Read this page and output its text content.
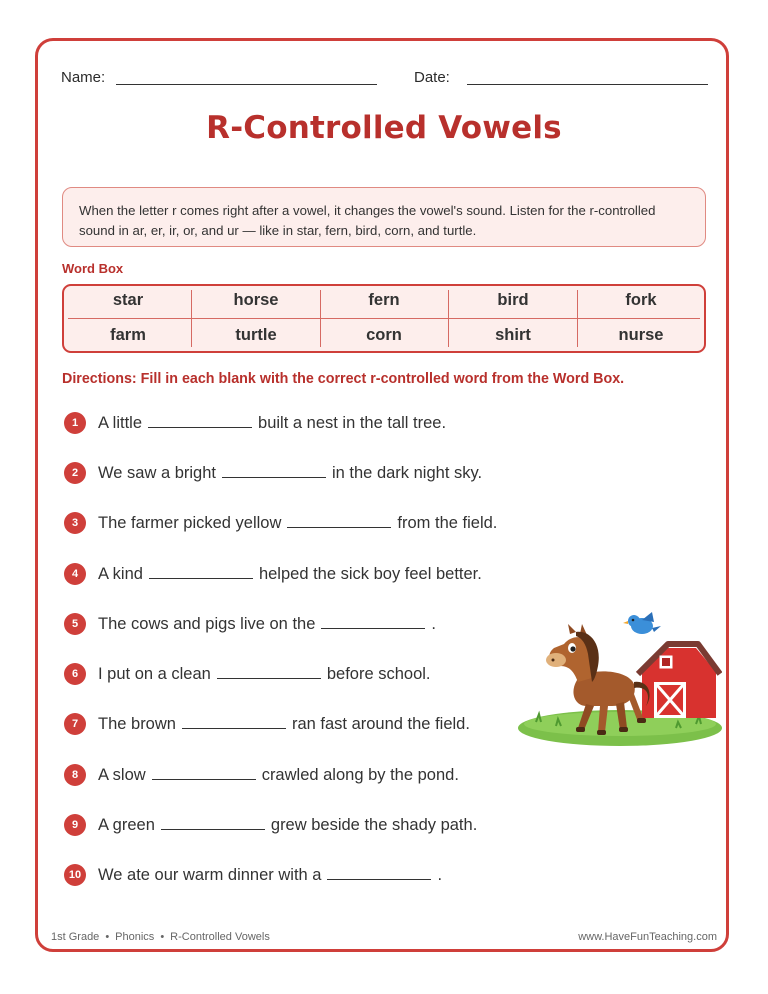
Name:	Date:
R-Controlled Vowels
When the letter r comes right after a vowel, it changes the vowel's sound. Listen for the r-controlled sound in ar, er, ir, or, and ur — like in star, fern, bird, corn, and turtle.
Word Box
star	horse	fern	bird	fork
farm	turtle	corn	shirt	nurse
Directions: Fill in each blank with the correct r-controlled word from the Word Box.
1	A little	built a nest in the tall tree.
2	We saw a bright	in the dark night sky.
3	The farmer picked yellow	from the field.
4	A kind	helped the sick boy feel better.
5	The cows and pigs live on the	.
6	I put on a clean	before school.
7	The brown	ran fast around the field.
8	A slow	crawled along by the pond.
9	A green	grew beside the shady path.
10 We ate our warm dinner with a	.
1st Grade • Phonics • R-Controlled Vowels	www.HaveFunTeaching.com
